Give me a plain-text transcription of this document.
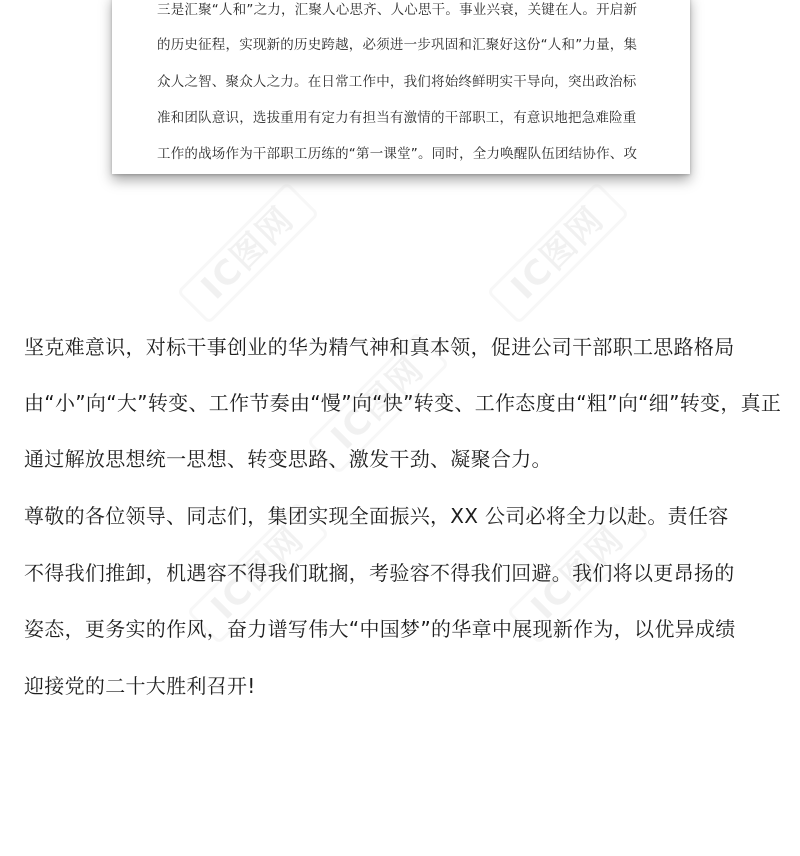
三是汇聚“人和”之力，汇聚人心思齐、人心思干。事业兴衰，关键在人。开启新
的历史征程，实现新的历史跨越，必须进一步巩固和汇聚好这份“人和”力量，集
众人之智、聚众人之力。在日常工作中，我们将始终鲜明实干导向，突出政治标
准和团队意识，选拔重用有定力有担当有激情的干部职工，有意识地把急难险重
工作的战场作为干部职工历练的“第一课堂”。同时，全力唤醒队伍团结协作、攻
IC图网	IC图网
IC图网
IC图网	IC图网
坚克难意识，对标干事创业的华为精气神和真本领，促进公司干部职工思路格局
由“小”向“大”转变、工作节奏由“慢”向“快”转变、工作态度由“粗”向“细”转变，真正
通过解放思想统一思想、转变思路、激发干劲、凝聚合力。
尊敬的各位领导、同志们，集团实现全面振兴，XX 公司必将全力以赴。责任容
不得我们推卸，机遇容不得我们耽搁，考验容不得我们回避。我们将以更昂扬的
姿态，更务实的作风，奋力谱写伟大“中国梦”的华章中展现新作为，以优异成绩
迎接党的二十大胜利召开!
